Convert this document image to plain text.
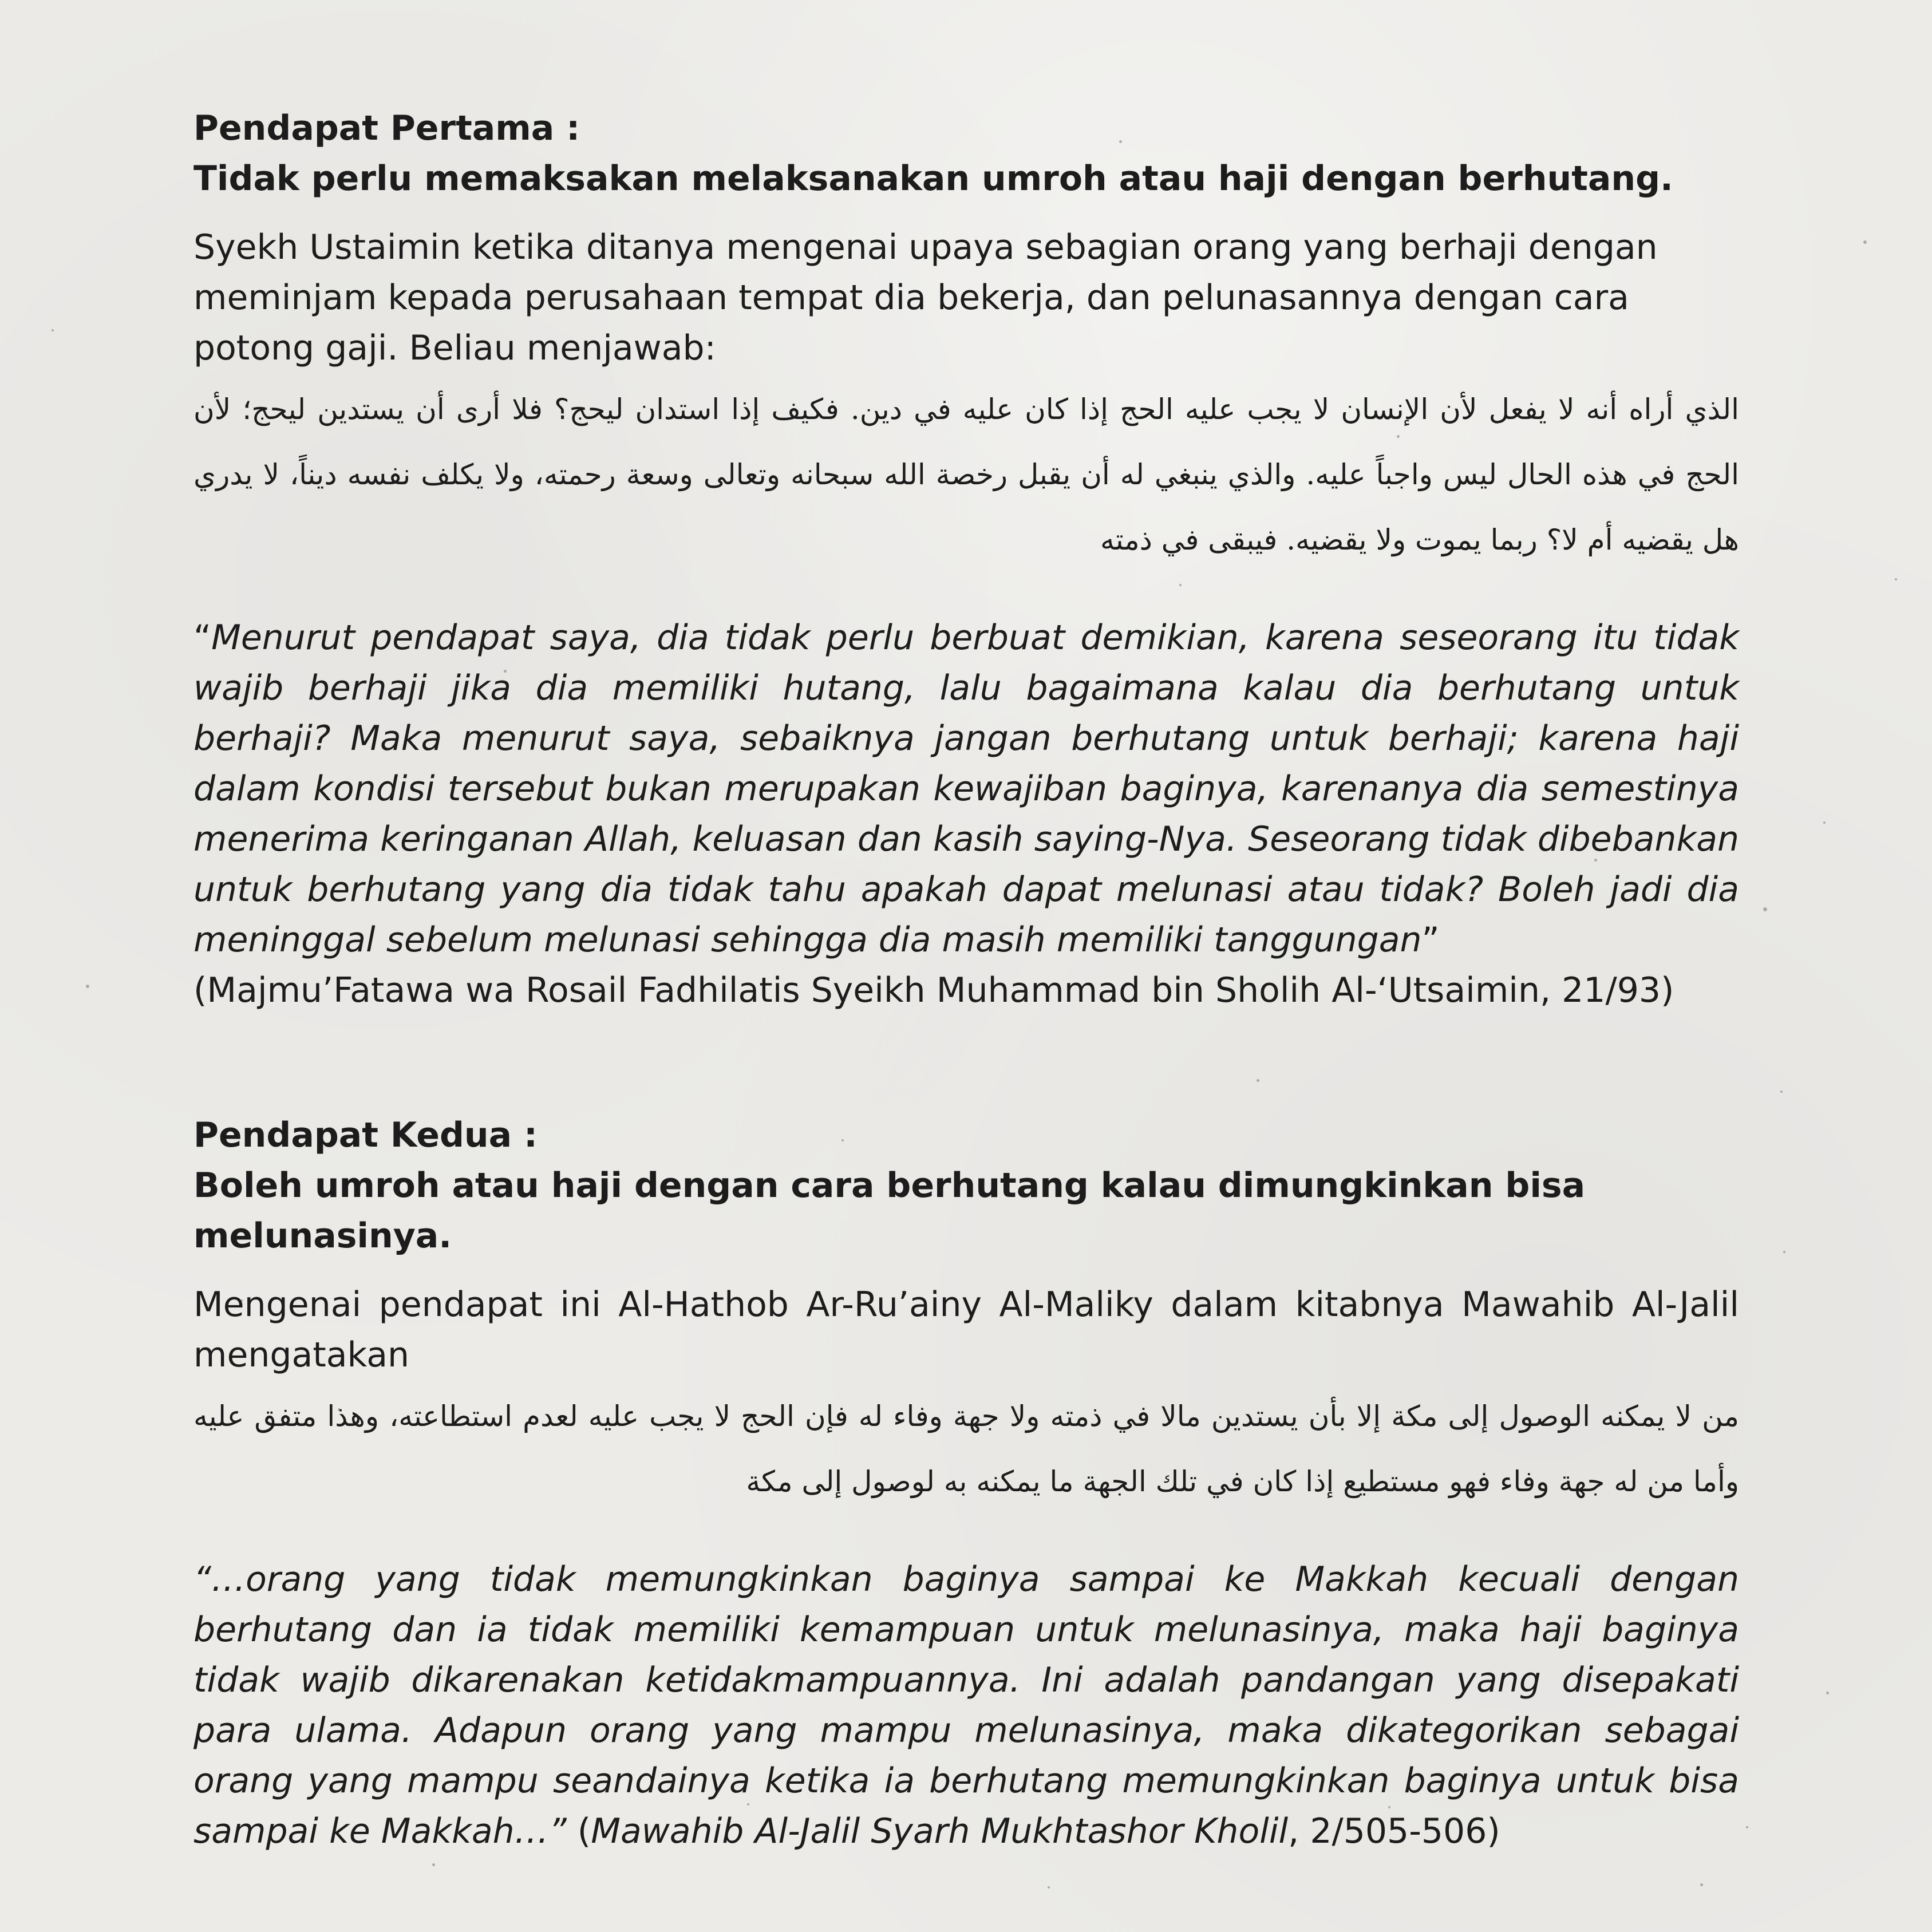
Pendapat Pertama :

Tidak perlu memaksakan melaksanakan umroh atau haji dengan berhutang.

Syekh Ustaimin ketika ditanya mengenai upaya sebagian orang yang berhaji dengan meminjam kepada perusahaan tempat dia bekerja, dan pelunasannya dengan cara potong gaji. Beliau menjawab:

الذي أراه أنه لا يفعل لأن الإنسان لا يجب عليه الحج إذا كان عليه في دين. فكيف إذا استدان ليحج؟ فلا أرى أن يستدين ليحج؛ لأن الحج في هذه الحال ليس واجباً عليه. والذي ينبغي له أن يقبل رخصة الله سبحانه وتعالى وسعة رحمته، ولا يكلف نفسه ديناً، لا يدري هل يقضيه أم لا؟ ربما يموت ولا يقضيه. فيبقى في ذمته

“Menurut pendapat saya, dia tidak perlu berbuat demikian, karena seseorang itu tidak wajib berhaji jika dia memiliki hutang, lalu bagaimana kalau dia berhutang untuk berhaji? Maka menurut saya, sebaiknya jangan berhutang untuk berhaji; karena haji dalam kondisi tersebut bukan merupakan kewajiban baginya, karenanya dia semestinya menerima keringanan Allah, keluasan dan kasih saying-Nya. Seseorang tidak dibebankan untuk berhutang yang dia tidak tahu apakah dapat melunasi atau tidak? Boleh jadi dia meninggal sebelum melunasi sehingga dia masih memiliki tanggungan”

(Majmu’Fatawa wa Rosail Fadhilatis Syeikh Muhammad bin Sholih Al-‘Utsaimin, 21/93)

Pendapat Kedua :

Boleh umroh atau haji dengan cara berhutang kalau dimungkinkan bisa melunasinya.

Mengenai pendapat ini Al-Hathob Ar-Ru’ainy Al-Maliky dalam kitabnya Mawahib Al-Jalil mengatakan

من لا يمكنه الوصول إلى مكة إلا بأن يستدين مالا في ذمته ولا جهة وفاء له فإن الحج لا يجب عليه لعدم استطاعته، وهذا متفق عليه وأما من له جهة وفاء فهو مستطيع إذا كان في تلك الجهة ما يمكنه به لوصول إلى مكة

“…orang yang tidak memungkinkan baginya sampai ke Makkah kecuali dengan berhutang dan ia tidak memiliki kemampuan untuk melunasinya, maka haji baginya tidak wajib dikarenakan ketidakmampuannya. Ini adalah pandangan yang disepakati para ulama. Adapun orang yang mampu melunasinya, maka dikategorikan sebagai orang yang mampu seandainya ketika ia berhutang memungkinkan baginya untuk bisa sampai ke Makkah…” (Mawahib Al-Jalil Syarh Mukhtashor Kholil, 2/505-506)
